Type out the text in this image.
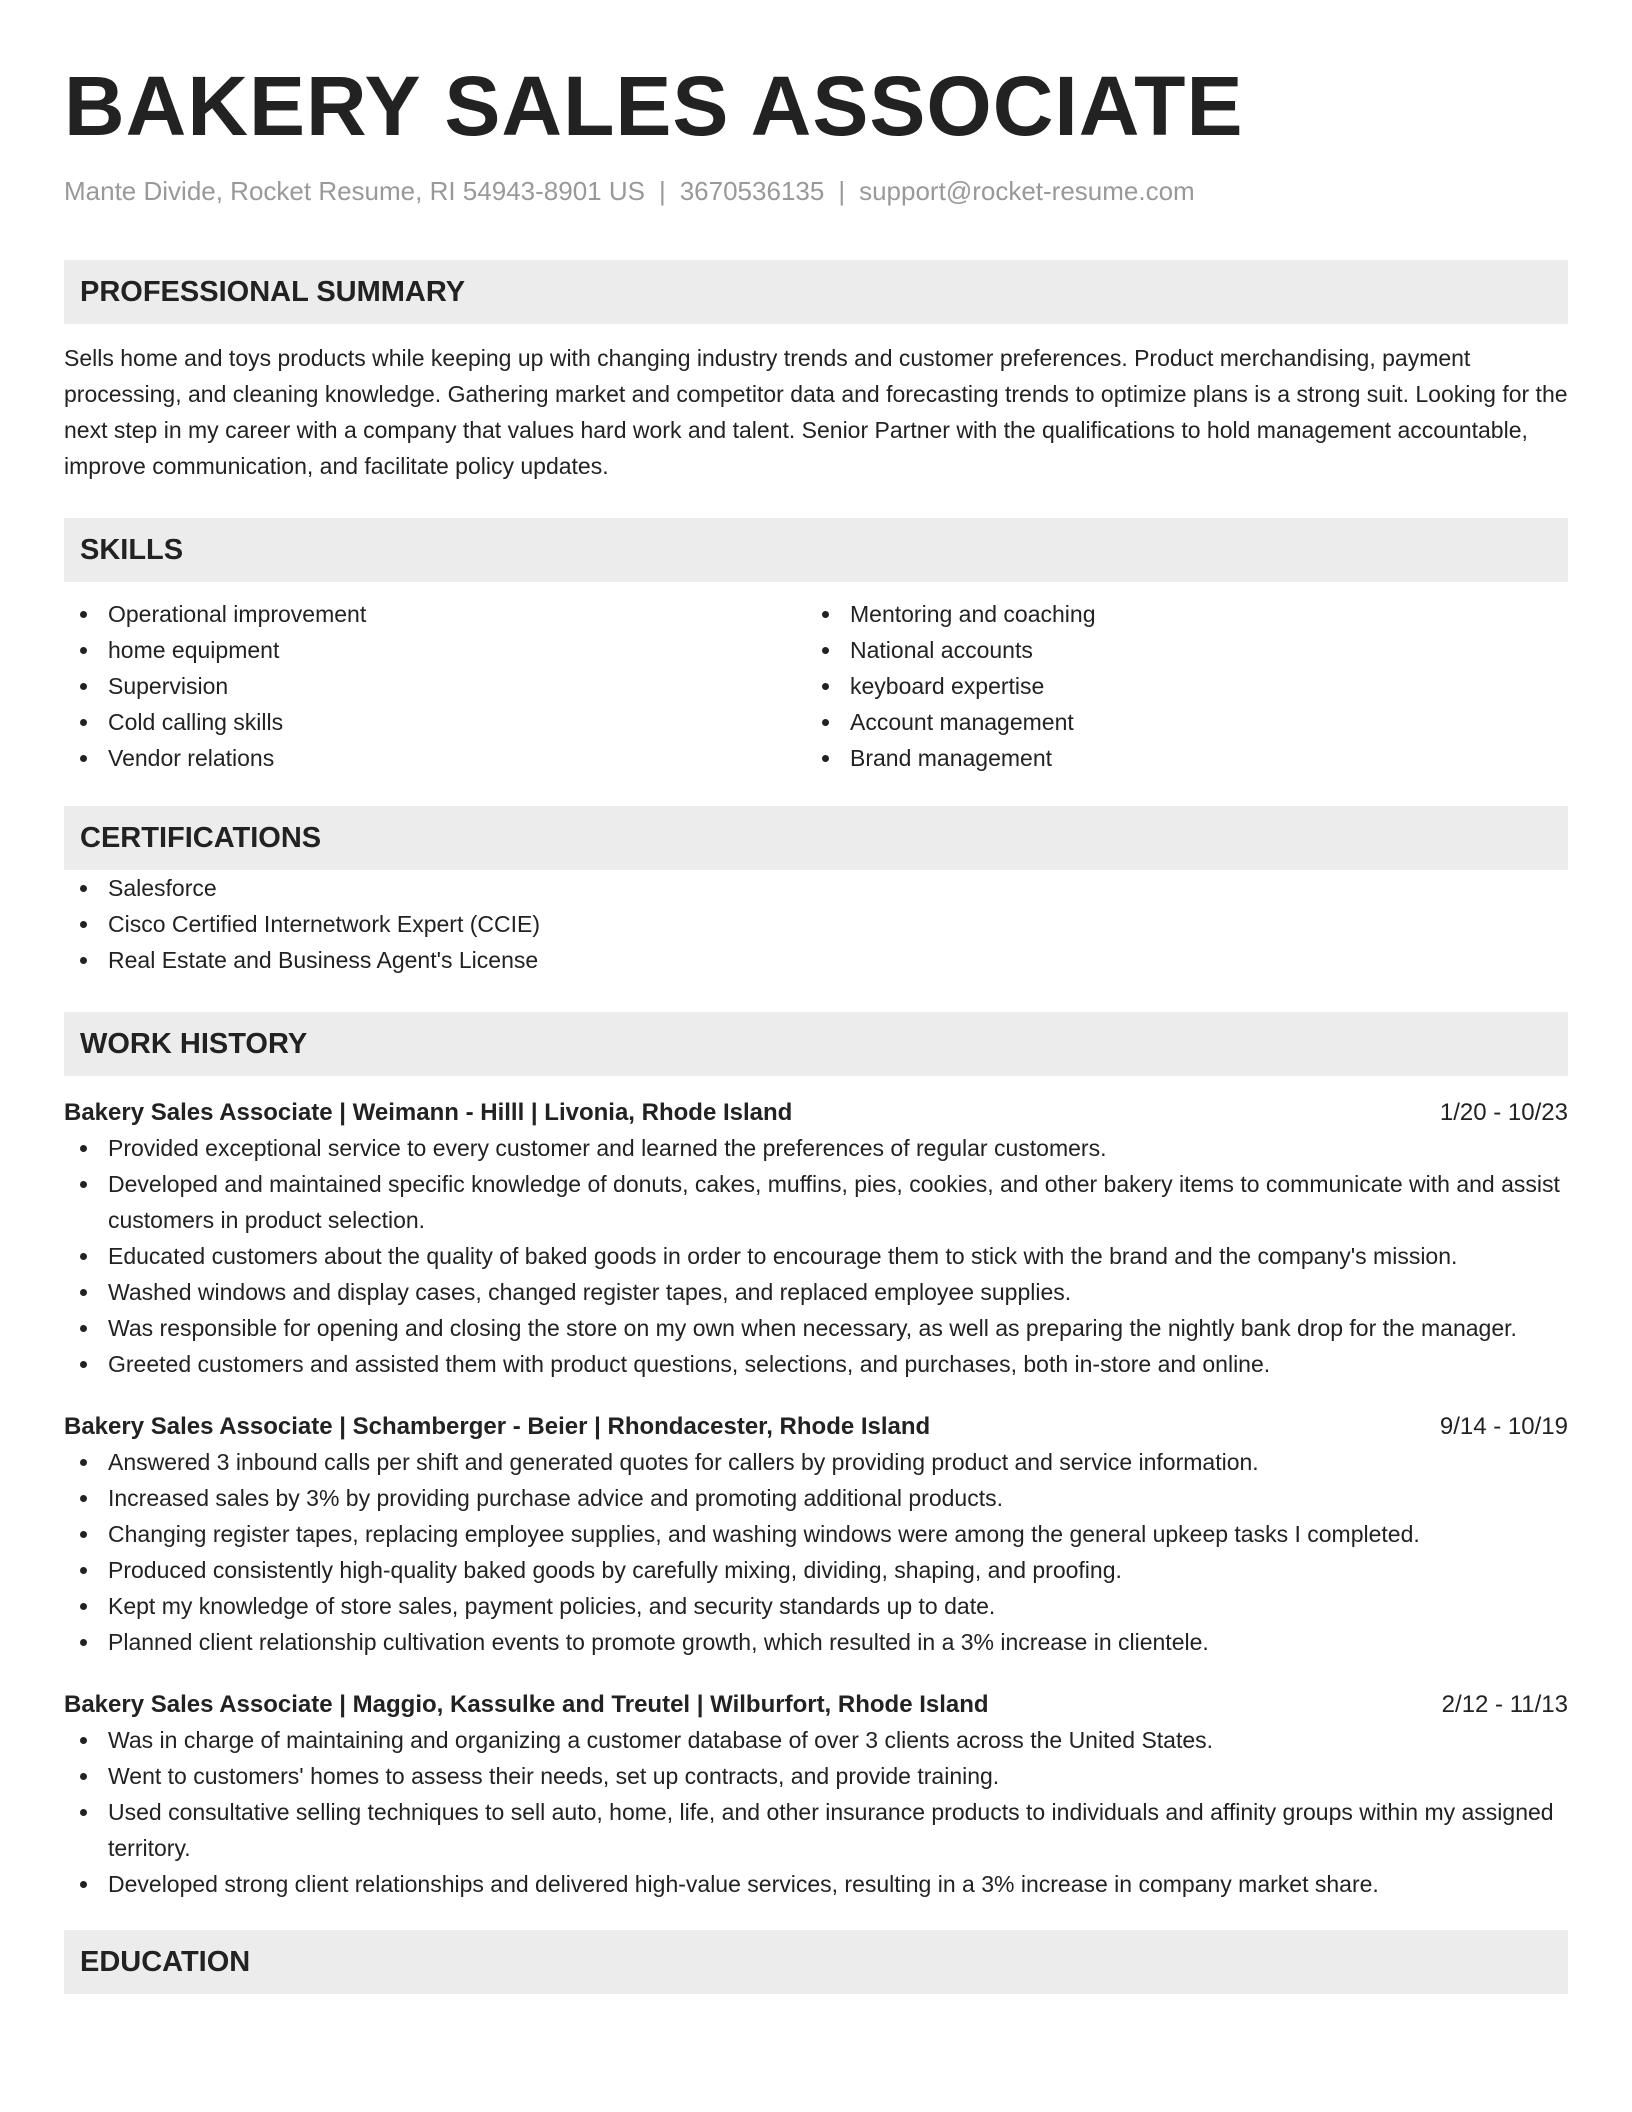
BAKERY SALES ASSOCIATE
Mante Divide, Rocket Resume, RI 54943-8901 US | 3670536135 | support@rocket-resume.com
PROFESSIONAL SUMMARY
Sells home and toys products while keeping up with changing industry trends and customer preferences. Product merchandising, payment processing, and cleaning knowledge. Gathering market and competitor data and forecasting trends to optimize plans is a strong suit. Looking for the next step in my career with a company that values hard work and talent. Senior Partner with the qualifications to hold management accountable, improve communication, and facilitate policy updates.
SKILLS
Operational improvement
home equipment
Supervision
Cold calling skills
Vendor relations
Mentoring and coaching
National accounts
keyboard expertise
Account management
Brand management
CERTIFICATIONS
Salesforce
Cisco Certified Internetwork Expert (CCIE)
Real Estate and Business Agent's License
WORK HISTORY
Bakery Sales Associate | Weimann - Hilll | Livonia, Rhode Island	1/20 - 10/23
Provided exceptional service to every customer and learned the preferences of regular customers.
Developed and maintained specific knowledge of donuts, cakes, muffins, pies, cookies, and other bakery items to communicate with and assist customers in product selection.
Educated customers about the quality of baked goods in order to encourage them to stick with the brand and the company's mission.
Washed windows and display cases, changed register tapes, and replaced employee supplies.
Was responsible for opening and closing the store on my own when necessary, as well as preparing the nightly bank drop for the manager.
Greeted customers and assisted them with product questions, selections, and purchases, both in-store and online.
Bakery Sales Associate | Schamberger - Beier | Rhondacester, Rhode Island	9/14 - 10/19
Answered 3 inbound calls per shift and generated quotes for callers by providing product and service information.
Increased sales by 3% by providing purchase advice and promoting additional products.
Changing register tapes, replacing employee supplies, and washing windows were among the general upkeep tasks I completed.
Produced consistently high-quality baked goods by carefully mixing, dividing, shaping, and proofing.
Kept my knowledge of store sales, payment policies, and security standards up to date.
Planned client relationship cultivation events to promote growth, which resulted in a 3% increase in clientele.
Bakery Sales Associate | Maggio, Kassulke and Treutel | Wilburfort, Rhode Island	2/12 - 11/13
Was in charge of maintaining and organizing a customer database of over 3 clients across the United States.
Went to customers' homes to assess their needs, set up contracts, and provide training.
Used consultative selling techniques to sell auto, home, life, and other insurance products to individuals and affinity groups within my assigned territory.
Developed strong client relationships and delivered high-value services, resulting in a 3% increase in company market share.
EDUCATION
